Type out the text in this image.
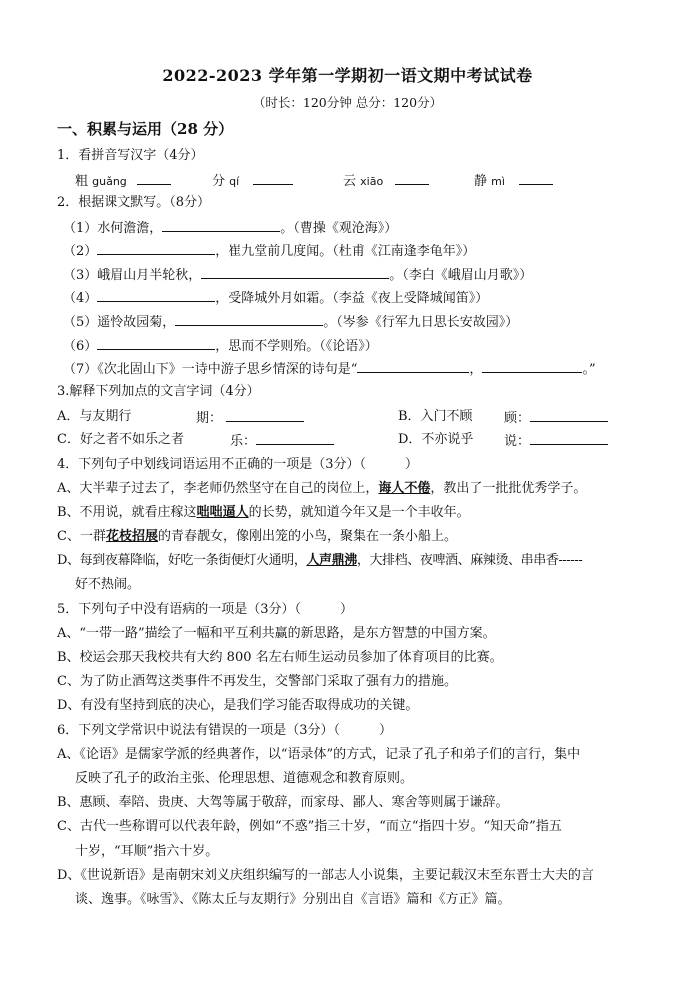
2022-2023 学年第一学期初一语文期中考试试卷
（时长：120分钟 总分：120分）
一、积累与运用（28 分）
1．看拼音写汉字（4分）
粗 guǎng	分 qí	云 xiāo	静 mì
2．根据课文默写。（8分）
（1）水何澹澹，	。（曹操《观沧海》）
（2）	，崔九堂前几度闻。（杜甫《江南逢李龟年》）
（3）峨眉山月半轮秋，	。（李白《峨眉山月歌》）
（4）	，受降城外月如霜。（李益《夜上受降城闻笛》）
（5）遥怜故园菊，	。（岑参《行军九日思长安故园》）
（6）	，思而不学则殆。（《论语》）
（7）《次北固山下》一诗中游子思乡情深的诗句是“	，	。”
3.解释下列加点的文言字词（4分）
A．与友期行	期：	B．入门不顾 顾：
C．好之者不如乐之者	乐：	D．不亦说乎 说：
4．下列句子中划线词语运用不正确的一项是（3分）（　　　）
A、大半辈子过去了，李老师仍然坚守在自己的岗位上，诲人不倦，教出了一批批优秀学子。
B、不用说，就看庄稼这咄咄逼人的长势，就知道今年又是一个丰收年。
C、一群花枝招展的青春靓女，像刚出笼的小鸟，聚集在一条小船上。
D、每到夜幕降临，好吃一条街便灯火通明，人声鼎沸，大排档、夜啤酒、麻辣烫、串串香------
好不热闹。
5．下列句子中没有语病的一项是（3分）（　　　）
A、“一带一路”描绘了一幅和平互利共赢的新思路，是东方智慧的中国方案。
B、校运会那天我校共有大约 800 名左右师生运动员参加了体育项目的比赛。
C、为了防止酒驾这类事件不再发生，交警部门采取了强有力的措施。
D、有没有坚持到底的决心，是我们学习能否取得成功的关键。
6．下列文学常识中说法有错误的一项是（3分）（　　　）
A、《论语》是儒家学派的经典著作，以“语录体”的方式，记录了孔子和弟子们的言行，集中
反映了孔子的政治主张、伦理思想、道德观念和教育原则。
B、惠顾、奉陪、贵庚、大驾等属于敬辞，而家母、鄙人、寒舍等则属于谦辞。
C、古代一些称谓可以代表年龄，例如“不惑”指三十岁，“而立“指四十岁。“知天命”指五
十岁，“耳顺”指六十岁。
D、《世说新语》是南朝宋刘义庆组织编写的一部志人小说集，主要记载汉末至东晋士大夫的言
谈、逸事。《咏雪》、《陈太丘与友期行》分别出自《言语》篇和《方正》篇。
